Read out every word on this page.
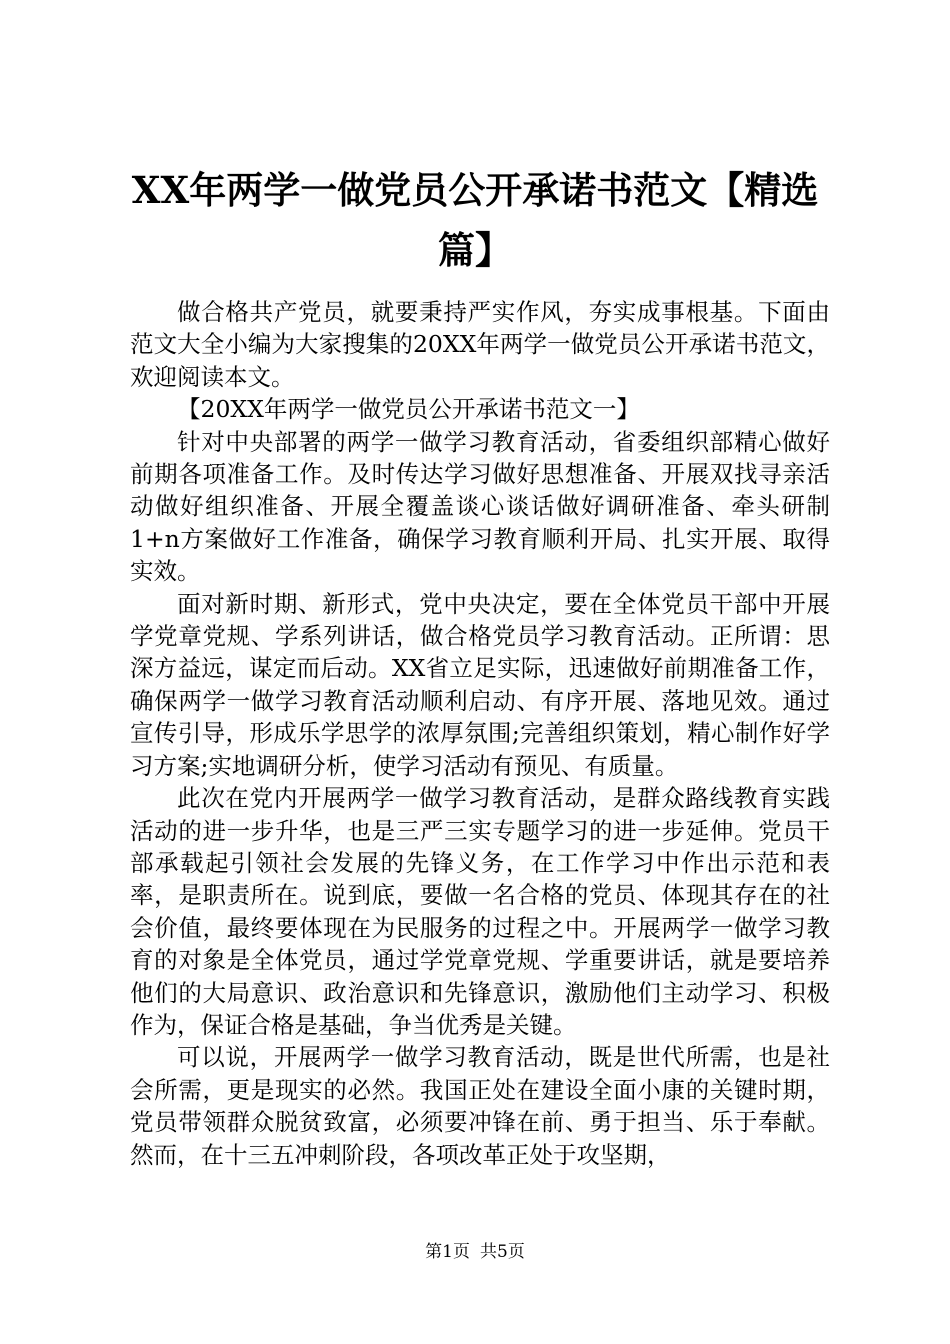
XX年两学一做党员公开承诺书范文【精选篇】

做合格共产党员，就要秉持严实作风，夯实成事根基。下面由范文大全小编为大家搜集的20XX年两学一做党员公开承诺书范文，欢迎阅读本文。

【20XX年两学一做党员公开承诺书范文一】

针对中央部署的两学一做学习教育活动，省委组织部精心做好前期各项准备工作。及时传达学习做好思想准备、开展双找寻亲活动做好组织准备、开展全覆盖谈心谈话做好调研准备、牵头研制1+n方案做好工作准备，确保学习教育顺利开局、扎实开展、取得实效。

面对新时期、新形式，党中央决定，要在全体党员干部中开展学党章党规、学系列讲话，做合格党员学习教育活动。正所谓：思深方益远，谋定而后动。XX省立足实际，迅速做好前期准备工作，确保两学一做学习教育活动顺利启动、有序开展、落地见效。通过宣传引导，形成乐学思学的浓厚氛围;完善组织策划，精心制作好学习方案;实地调研分析，使学习活动有预见、有质量。

此次在党内开展两学一做学习教育活动，是群众路线教育实践活动的进一步升华，也是三严三实专题学习的进一步延伸。党员干部承载起引领社会发展的先锋义务，在工作学习中作出示范和表率，是职责所在。说到底，要做一名合格的党员、体现其存在的社会价值，最终要体现在为民服务的过程之中。开展两学一做学习教育的对象是全体党员，通过学党章党规、学重要讲话，就是要培养他们的大局意识、政治意识和先锋意识，激励他们主动学习、积极作为，保证合格是基础，争当优秀是关键。

可以说，开展两学一做学习教育活动，既是世代所需，也是社会所需，更是现实的必然。我国正处在建设全面小康的关键时期，党员带领群众脱贫致富，必须要冲锋在前、勇于担当、乐于奉献。然而，在十三五冲刺阶段，各项改革正处于攻坚期，

第1页 共5页
